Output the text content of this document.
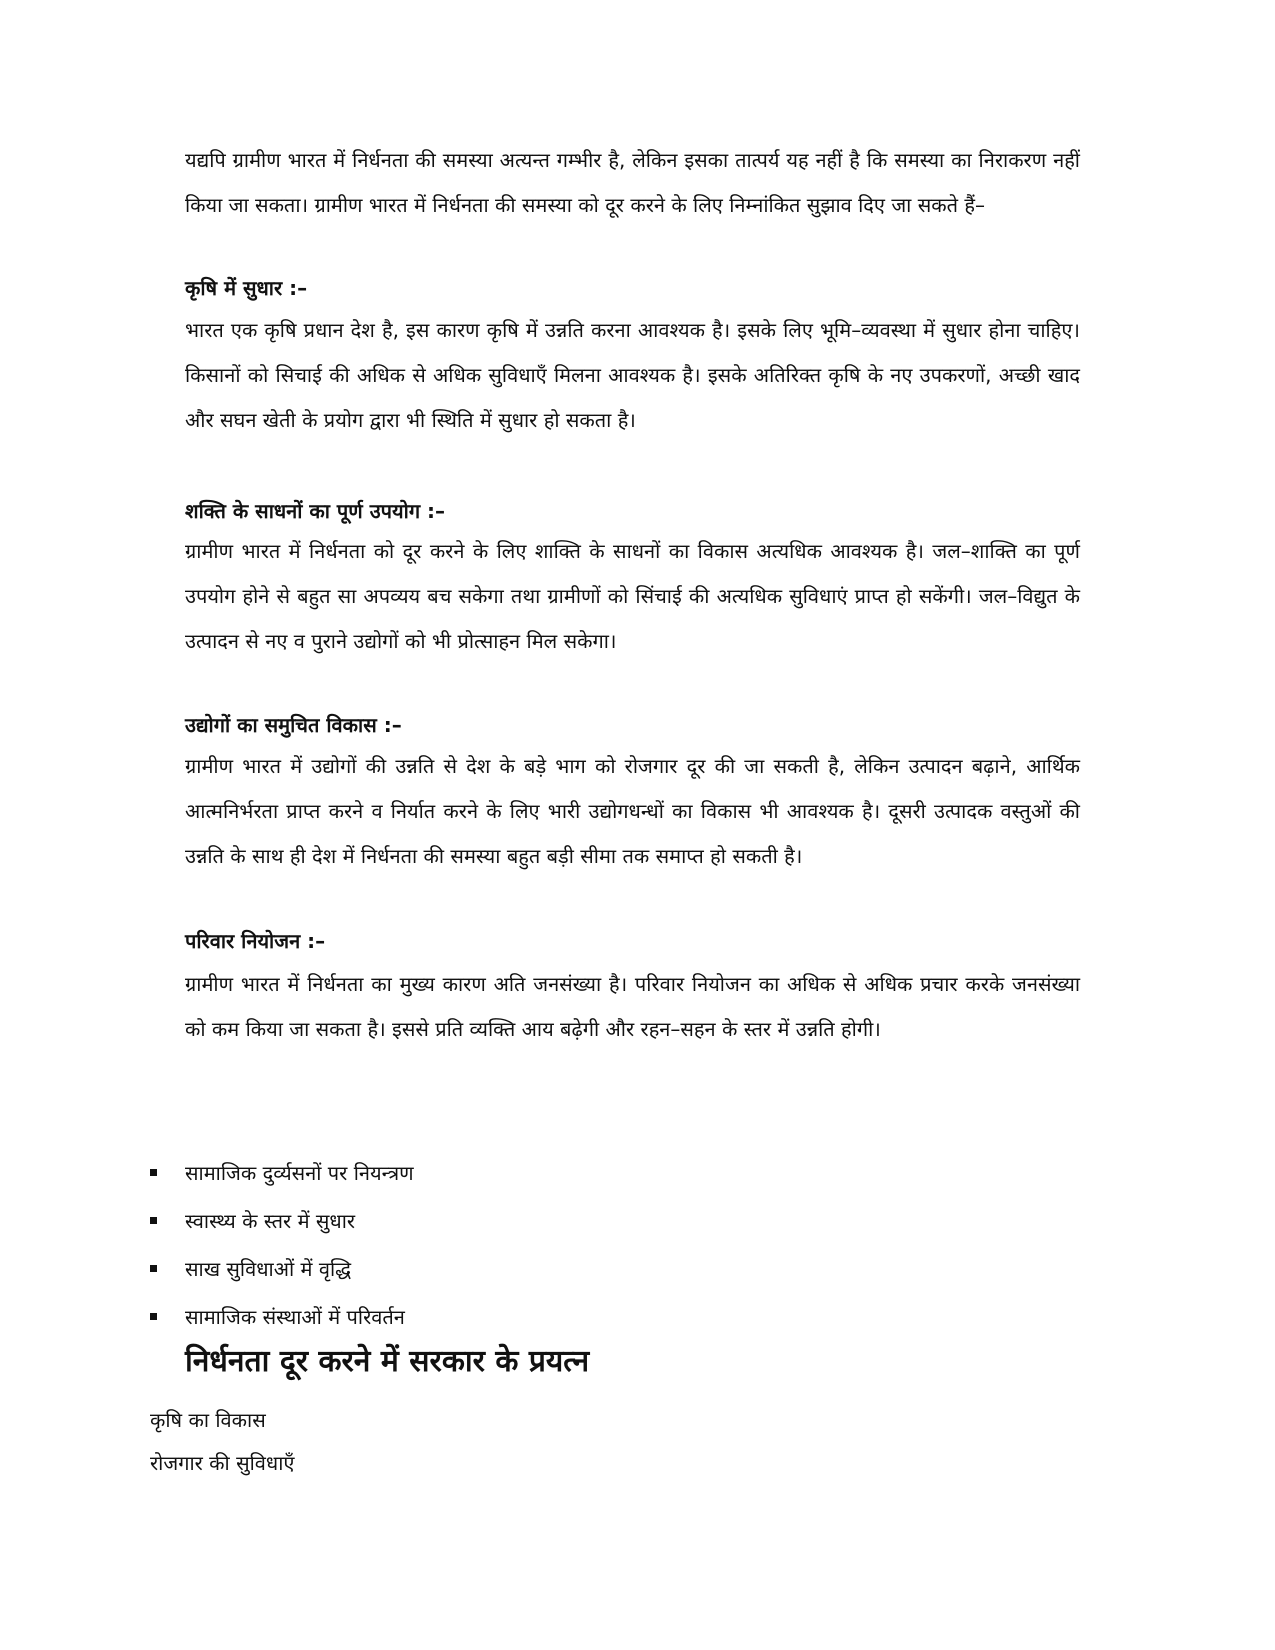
यद्यपि ग्रामीण भारत में निर्धनता की समस्या अत्यन्त गम्भीर है, लेकिन इसका तात्पर्य यह नहीं है कि समस्या का निराकरण नहीं किया जा सकता। ग्रामीण भारत में निर्धनता की समस्या को दूर करने के लिए निम्नांकित सुझाव दिए जा सकते हैं–

कृषि में सुधार :–

भारत एक कृषि प्रधान देश है, इस कारण कृषि में उन्नति करना आवश्यक है। इसके लिए भूमि–व्यवस्था में सुधार होना चाहिए। किसानों को सिचाई की अधिक से अधिक सुविधाएँ मिलना आवश्यक है। इसके अतिरिक्त कृषि के नए उपकरणों, अच्छी खाद और सघन खेती के प्रयोग द्वारा भी स्थिति में सुधार हो सकता है।

शक्ति के साधनों का पूर्ण उपयोग :–

ग्रामीण भारत में निर्धनता को दूर करने के लिए शाक्ति के साधनों का विकास अत्यधिक आवश्यक है। जल–शाक्ति का पूर्ण उपयोग होने से बहुत सा अपव्यय बच सकेगा तथा ग्रामीणों को सिंचाई की अत्यधिक सुविधाएं प्राप्त हो सकेंगी। जल–विद्युत के उत्पादन से नए व पुराने उद्योगों को भी प्रोत्साहन मिल सकेगा।

उद्योगों का समुचित विकास :–

ग्रामीण भारत में उद्योगों की उन्नति से देश के बड़े भाग को रोजगार दूर की जा सकती है, लेकिन उत्पादन बढ़ाने, आर्थिक आत्मनिर्भरता प्राप्त करने व निर्यात करने के लिए भारी उद्योगधन्धों का विकास भी आवश्यक है। दूसरी उत्पादक वस्तुओं की उन्नति के साथ ही देश में निर्धनता की समस्या बहुत बड़ी सीमा तक समाप्त हो सकती है।

परिवार नियोजन :–

ग्रामीण भारत में निर्धनता का मुख्य कारण अति जनसंख्या है। परिवार नियोजन का अधिक से अधिक प्रचार करके जनसंख्या को कम किया जा सकता है। इससे प्रति व्यक्ति आय बढ़ेगी और रहन–सहन के स्तर में उन्नति होगी।

सामाजिक दुर्व्यसनों पर नियन्त्रण
स्वास्थ्य के स्तर में सुधार
साख सुविधाओं में वृद्धि
सामाजिक संस्थाओं में परिवर्तन
निर्धनता दूर करने में सरकार के प्रयत्न

कृषि का विकास

रोजगार की सुविधाएँ
